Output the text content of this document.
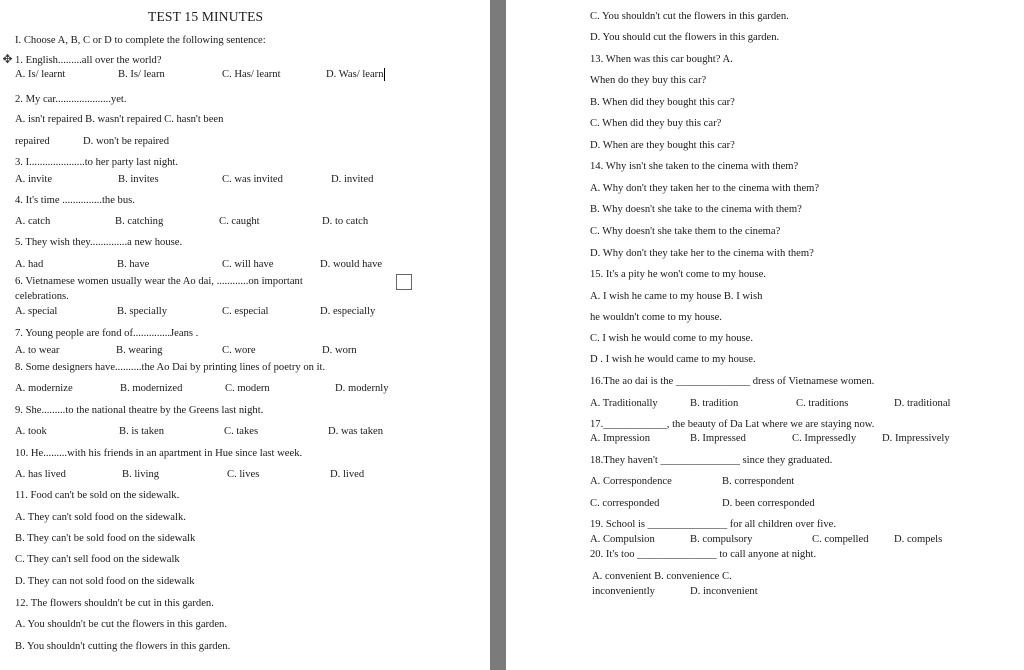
TEST 15 MINUTES
I. Choose A, B, C or D to complete the following sentence:
✥ 1. English.........all over the world?
A. Is/ learnt	B. Is/ learn	C. Has/ learnt	D. Was/ learn
2. My car.....................yet.
A. isn't repaired B. wasn't repaired C. hasn't been
repaired	D. won't be repaired
3. I.....................to her party last night.
A. invite	B. invites	C. was invited	D. invited
4. It's time ...............the bus.
A. catch	B. catching	C. caught	D. to catch
5. They wish they..............a new house.
A. had	B. have	C. will have	D. would have
6. Vietnamese women usually wear the Ao dai, ............on important
celebrations.
A. special	B. specially	C. especial	D. especially
7. Young people are fond of..............Jeans .
A. to wear	B. wearing	C. wore	D. worn
8. Some designers have..........the Ao Dai by printing lines of poetry on it.
A. modernize	B. modernized	C. modern	D. modernly
9. She.........to the national theatre by the Greens last night.
A. took	B. is taken	C. takes	D. was taken
10. He.........with his friends in an apartment in Hue since last week.
A. has lived	B. living	C. lives	D. lived
11. Food can't be sold on the sidewalk.
A. They can't sold food on the sidewalk.
B. They can't be sold food on the sidewalk
C. They can't sell food on the sidewalk
D. They can not sold food on the sidewalk
12. The flowers shouldn't be cut in this garden.
A. You shouldn't be cut the flowers in this garden.
B. You shouldn't cutting the flowers in this garden.
C. You shouldn't cut the flowers in this garden.
D. You should cut the flowers in this garden.
13. When was this car bought? A.
When do they buy this car?
B. When did they bought this car?
C. When did they buy this car?
D. When are they bought this car?
14. Why isn't she taken to the cinema with them?
A. Why don't they taken her to the cinema with them?
B. Why doesn't she take to the cinema with them?
C. Why doesn't she take them to the cinema?
D. Why don't they take her to the cinema with them?
15. It's a pity he won't come to my house.
A. I wish he came to my house B. I wish
he wouldn't come to my house.
C. I wish he would come to my house.
D . I wish he would came to my house.
16.The ao dai is the ______________ dress of Vietnamese women.
A. Traditionally	B. tradition	C. traditions	D. traditional
17.____________, the beauty of Da Lat where we are staying now.
A. Impression	B. Impressed	C. Impressedly D. Impressively
18.They haven't _______________ since they graduated.
A. Correspondence	B. correspondent
C. corresponded	D. been corresponded
19. School is _______________ for all children over five.
A. Compulsion	B. compulsory	C. compelled D. compels
20. It's too _______________ to call anyone at night.
A. convenient B. convenience C.
inconveniently	D. inconvenient
